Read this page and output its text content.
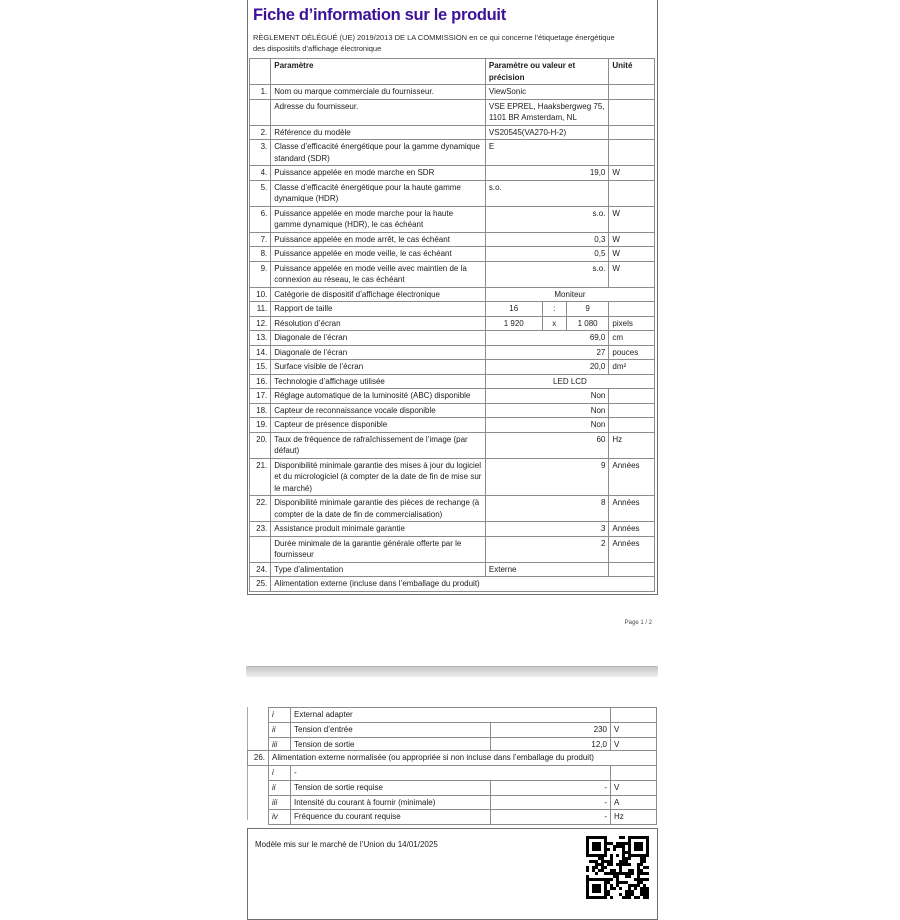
Fiche d’information sur le produit
RÈGLEMENT DÉLÉGUÉ (UE) 2019/2013 DE LA COMMISSION en ce qui concerne l’étiquetage énergétique des dispositifs d’affichage électronique
	Paramètre	Paramètre ou valeur et précision			Unité
1.	Nom ou marque commerciale du fournisseur.	ViewSonic			
	Adresse du fournisseur.	VSE EPREL, Haaksbergweg 75, 1101 BR Amsterdam, NL			
2.	Référence du modèle	VS20545(VA270-H-2)			
3.	Classe d’efficacité énergétique pour la gamme dynamique standard (SDR)	E			
4.	Puissance appelée en mode marche en SDR	19,0			W
5.	Classe d’efficacité énergétique pour la haute gamme dynamique (HDR)	s.o.			
6.	Puissance appelée en mode marche pour la haute gamme dynamique (HDR), le cas échéant	s.o.			W
7.	Puissance appelée en mode arrêt, le cas échéant	0,3			W
8.	Puissance appelée en mode veille, le cas échéant	0,5			W
9.	Puissance appelée en mode veille avec maintien de la connexion au réseau, le cas échéant	s.o.			W
10.	Catégorie de dispositif d’affichage électronique	Moniteur			
11.	Rapport de taille	16	:	9	
12.	Résolution d’écran	1 920	x	1 080	pixels
13.	Diagonale de l’écran	69,0			cm
14.	Diagonale de l’écran	27			pouces
15.	Surface visible de l’écran	20,0			dm²
16.	Technologie d’affichage utilisée	LED LCD			
17.	Réglage automatique de la luminosité (ABC) disponible	Non			
18.	Capteur de reconnaissance vocale disponible	Non			
19.	Capteur de présence disponible	Non			
20.	Taux de fréquence de rafraîchissement de l’image (par défaut)	60			Hz
21.	Disponibilité minimale garantie des mises à jour du logiciel et du micrologiciel (à compter de la date de fin de mise sur le marché)	9			Années
22.	Disponibilité minimale garantie des pièces de rechange (à compter de la date de fin de commercialisation)	8			Années
23.	Assistance produit minimale garantie	3			Années
	Durée minimale de la garantie générale offerte par le fournisseur	2			Années
24.	Type d’alimentation	Externe			
25.	Alimentation externe (incluse dans l’emballage du produit)				
Page 1 / 2
i	External adapter	
ii	Tension d’entrée	230	V
iii	Tension de sortie	12,0	V
26.	Alimentation externe normalisée (ou appropriée si non incluse dans l’emballage du produit)
i	-	
ii	Tension de sortie requise	-	V
iii	Intensité du courant à fournir (minimale)	-	A
iv	Fréquence du courant requise	-	Hz
Modèle mis sur le marché de l’Union du 14/01/2025
